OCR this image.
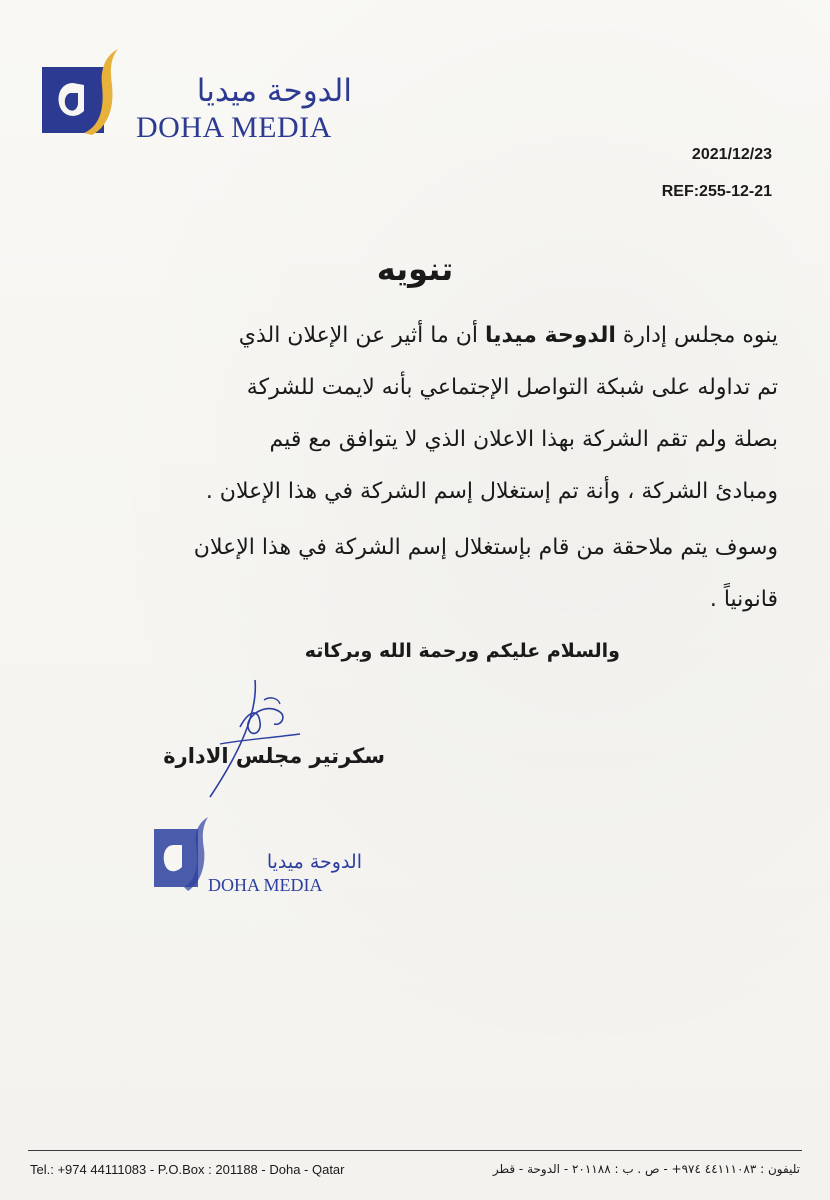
الدوحة ميديا
DOHA MEDIA
2021/12/23
REF:255-12-21
تنويه
ينوه مجلس إدارة الدوحة ميديا أن ما أثير عن الإعلان الذي
تم تداوله على شبكة التواصل الإجتماعي بأنه لايمت للشركة
بصلة ولم تقم الشركة بهذا الاعلان الذي لا يتوافق مع قيم
ومبادئ الشركة ، وأنة تم إستغلال إسم الشركة في هذا الإعلان .
وسوف يتم ملاحقة من قام بإستغلال إسم الشركة في هذا الإعلان
قانونياً .
والسلام عليكم ورحمة الله وبركاته
سكرتير مجلس الادارة
الدوحة ميديا
DOHA MEDIA
Tel.: +974 44111083 - P.O.Box : 201188 - Doha - Qatar	تليفون : ٤٤١١١٠٨٣ ٩٧٤+ - ص . ب : ٢٠١١٨٨ - الدوحة - قطر
